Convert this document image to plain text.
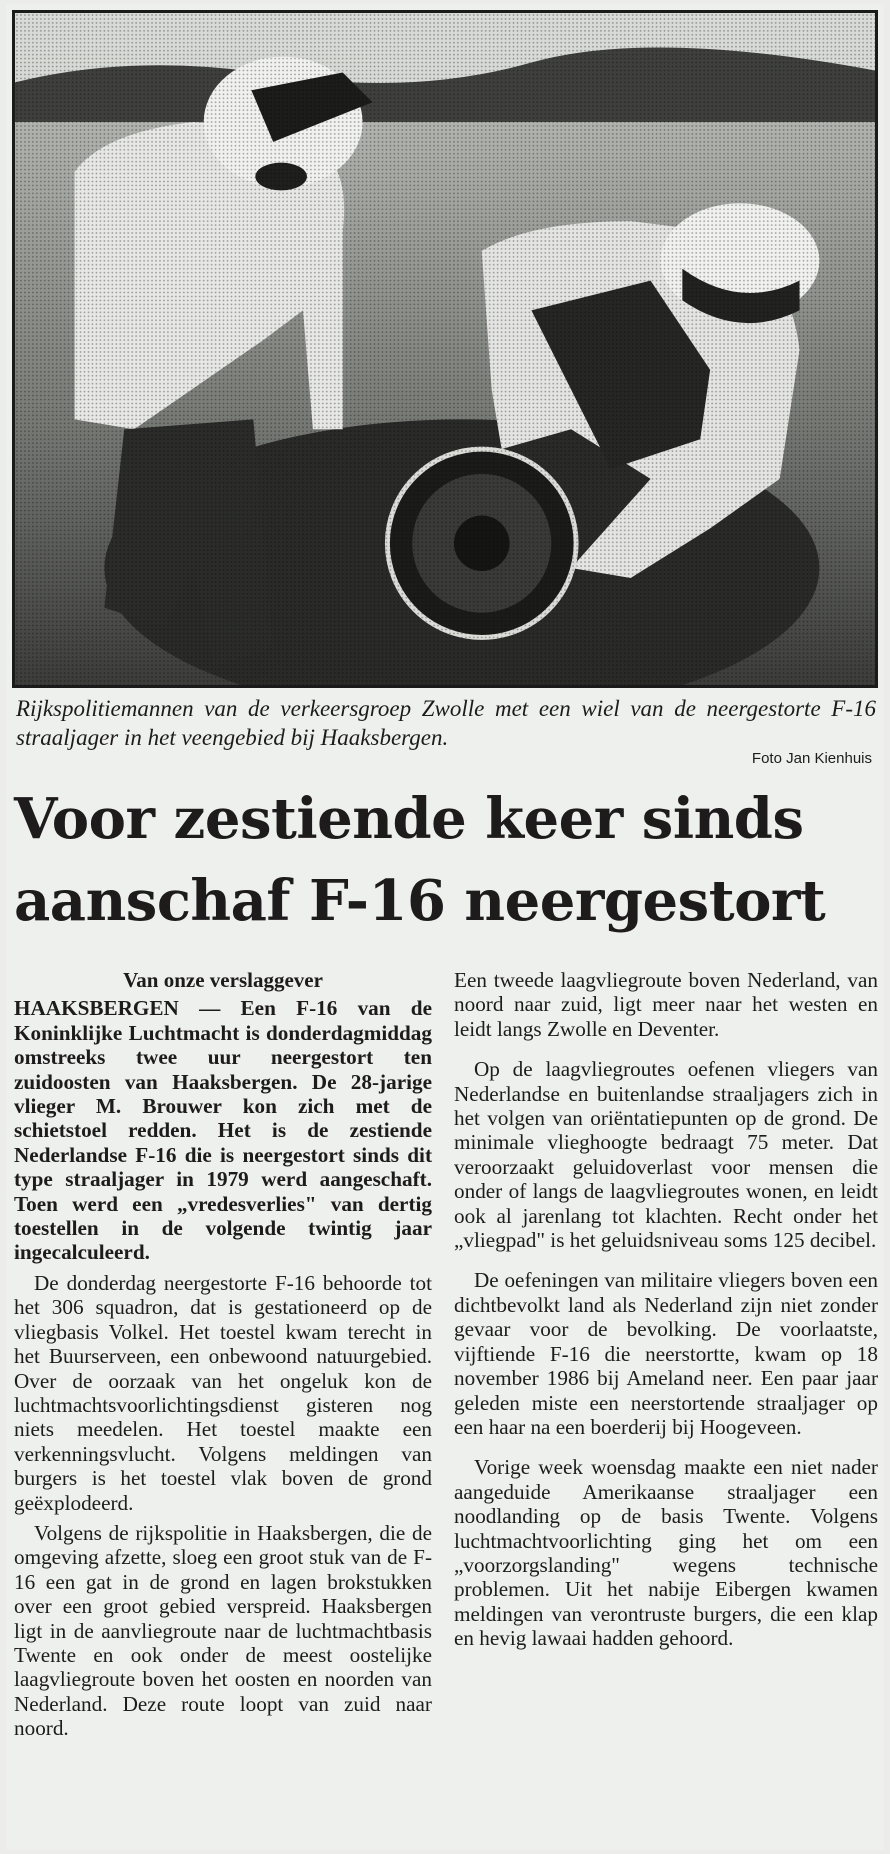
Rijkspolitiemannen van de verkeersgroep Zwolle met een wiel van de neergestorte F-16 straaljager in het veengebied bij Haaksbergen.

Foto Jan Kienhuis
Voor zestiende keer sinds
aanschaf F-16 neergestort
Van onze verslaggever

HAAKSBERGEN — Een F-16 van de Koninklijke Luchtmacht is donderdagmiddag omstreeks twee uur neergestort ten zuidoosten van Haaksbergen. De 28-jarige vlieger M. Brouwer kon zich met de schietstoel redden. Het is de zestiende Nederlandse F-16 die is neergestort sinds dit type straaljager in 1979 werd aangeschaft. Toen werd een „vredesverlies" van dertig toestellen in de volgende twintig jaar ingecalculeerd.

De donderdag neergestorte F-16 behoorde tot het 306 squadron, dat is gestationeerd op de vliegbasis Volkel. Het toestel kwam terecht in het Buurserveen, een onbewoond natuurgebied. Over de oorzaak van het ongeluk kon de luchtmachtsvoorlichtingsdienst gisteren nog niets meedelen. Het toestel maakte een verkenningsvlucht. Volgens meldingen van burgers is het toestel vlak boven de grond geëxplodeerd.

Volgens de rijkspolitie in Haaksbergen, die de omgeving afzette, sloeg een groot stuk van de F-16 een gat in de grond en lagen brokstukken over een groot gebied verspreid. Haaksbergen ligt in de aanvliegroute naar de luchtmachtbasis Twente en ook onder de meest oostelijke laagvliegroute boven het oosten en noorden van Nederland. Deze route loopt van zuid naar noord.

Een tweede laagvliegroute boven Nederland, van noord naar zuid, ligt meer naar het westen en leidt langs Zwolle en Deventer.

Op de laagvliegroutes oefenen vliegers van Nederlandse en buitenlandse straaljagers zich in het volgen van oriëntatiepunten op de grond. De minimale vlieghoogte bedraagt 75 meter. Dat veroorzaakt geluidoverlast voor mensen die onder of langs de laagvliegroutes wonen, en leidt ook al jarenlang tot klachten. Recht onder het „vliegpad" is het geluidsniveau soms 125 decibel.

De oefeningen van militaire vliegers boven een dichtbevolkt land als Nederland zijn niet zonder gevaar voor de bevolking. De voorlaatste, vijftiende F-16 die neerstortte, kwam op 18 november 1986 bij Ameland neer. Een paar jaar geleden miste een neerstortende straaljager op een haar na een boerderij bij Hoogeveen.

Vorige week woensdag maakte een niet nader aangeduide Amerikaanse straaljager een noodlanding op de basis Twente. Volgens luchtmachtvoorlichting ging het om een „voorzorgslanding" wegens technische problemen. Uit het nabije Eibergen kwamen meldingen van verontruste burgers, die een klap en hevig lawaai hadden gehoord.
